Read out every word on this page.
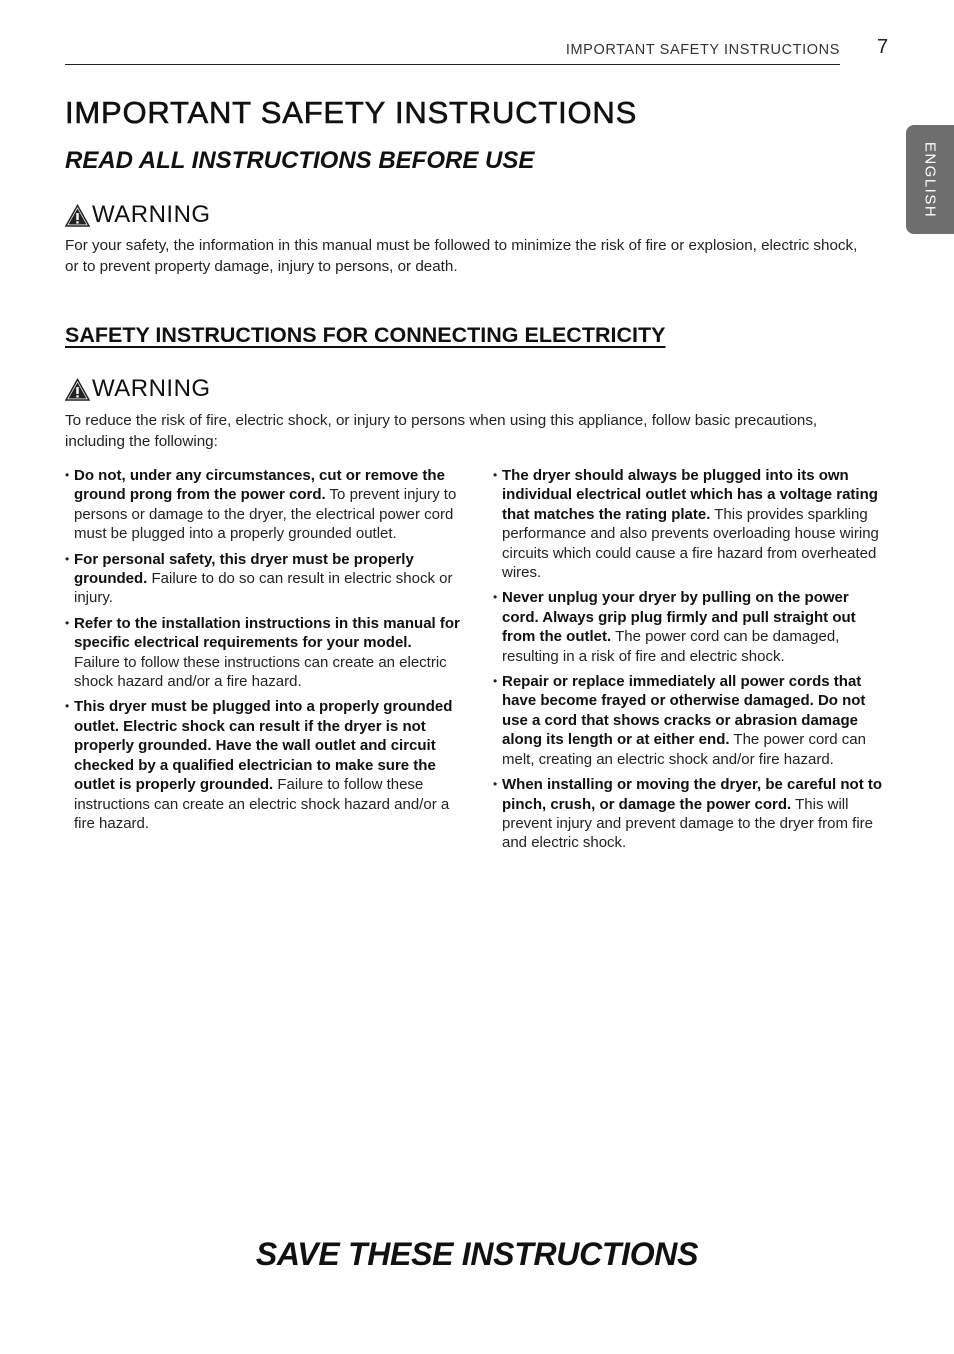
IMPORTANT SAFETY INSTRUCTIONS 7
ENGLISH
IMPORTANT SAFETY INSTRUCTIONS
READ ALL INSTRUCTIONS BEFORE USE
WARNING

For your safety, the information in this manual must be followed to minimize the risk of fire or explosion, electric shock, or to prevent property damage, injury to persons, or death.

SAFETY INSTRUCTIONS FOR CONNECTING ELECTRICITY
WARNING

To reduce the risk of fire, electric shock, or injury to persons when using this appliance, follow basic precautions, including the following:

• Do not, under any circumstances, cut or remove the ground prong from the power cord. To prevent injury to persons or damage to the dryer, the electrical power cord must be plugged into a properly grounded outlet.
• For personal safety, this dryer must be properly grounded. Failure to do so can result in electric shock or injury.
• Refer to the installation instructions in this manual for specific electrical requirements for your model. Failure to follow these instructions can create an electric shock hazard and/or a fire hazard.
• This dryer must be plugged into a properly grounded outlet. Electric shock can result if the dryer is not properly grounded. Have the wall outlet and circuit checked by a qualified electrician to make sure the outlet is properly grounded. Failure to follow these instructions can create an electric shock hazard and/or a fire hazard.
• The dryer should always be plugged into its own individual electrical outlet which has a voltage rating that matches the rating plate. This provides sparkling performance and also prevents overloading house wiring circuits which could cause a fire hazard from overheated wires.
• Never unplug your dryer by pulling on the power cord. Always grip plug firmly and pull straight out from the outlet. The power cord can be damaged, resulting in a risk of fire and electric shock.
• Repair or replace immediately all power cords that have become frayed or otherwise damaged. Do not use a cord that shows cracks or abrasion damage along its length or at either end. The power cord can melt, creating an electric shock and/or fire hazard.
• When installing or moving the dryer, be careful not to pinch, crush, or damage the power cord. This will prevent injury and prevent damage to the dryer from fire and electric shock.
SAVE THESE INSTRUCTIONS
